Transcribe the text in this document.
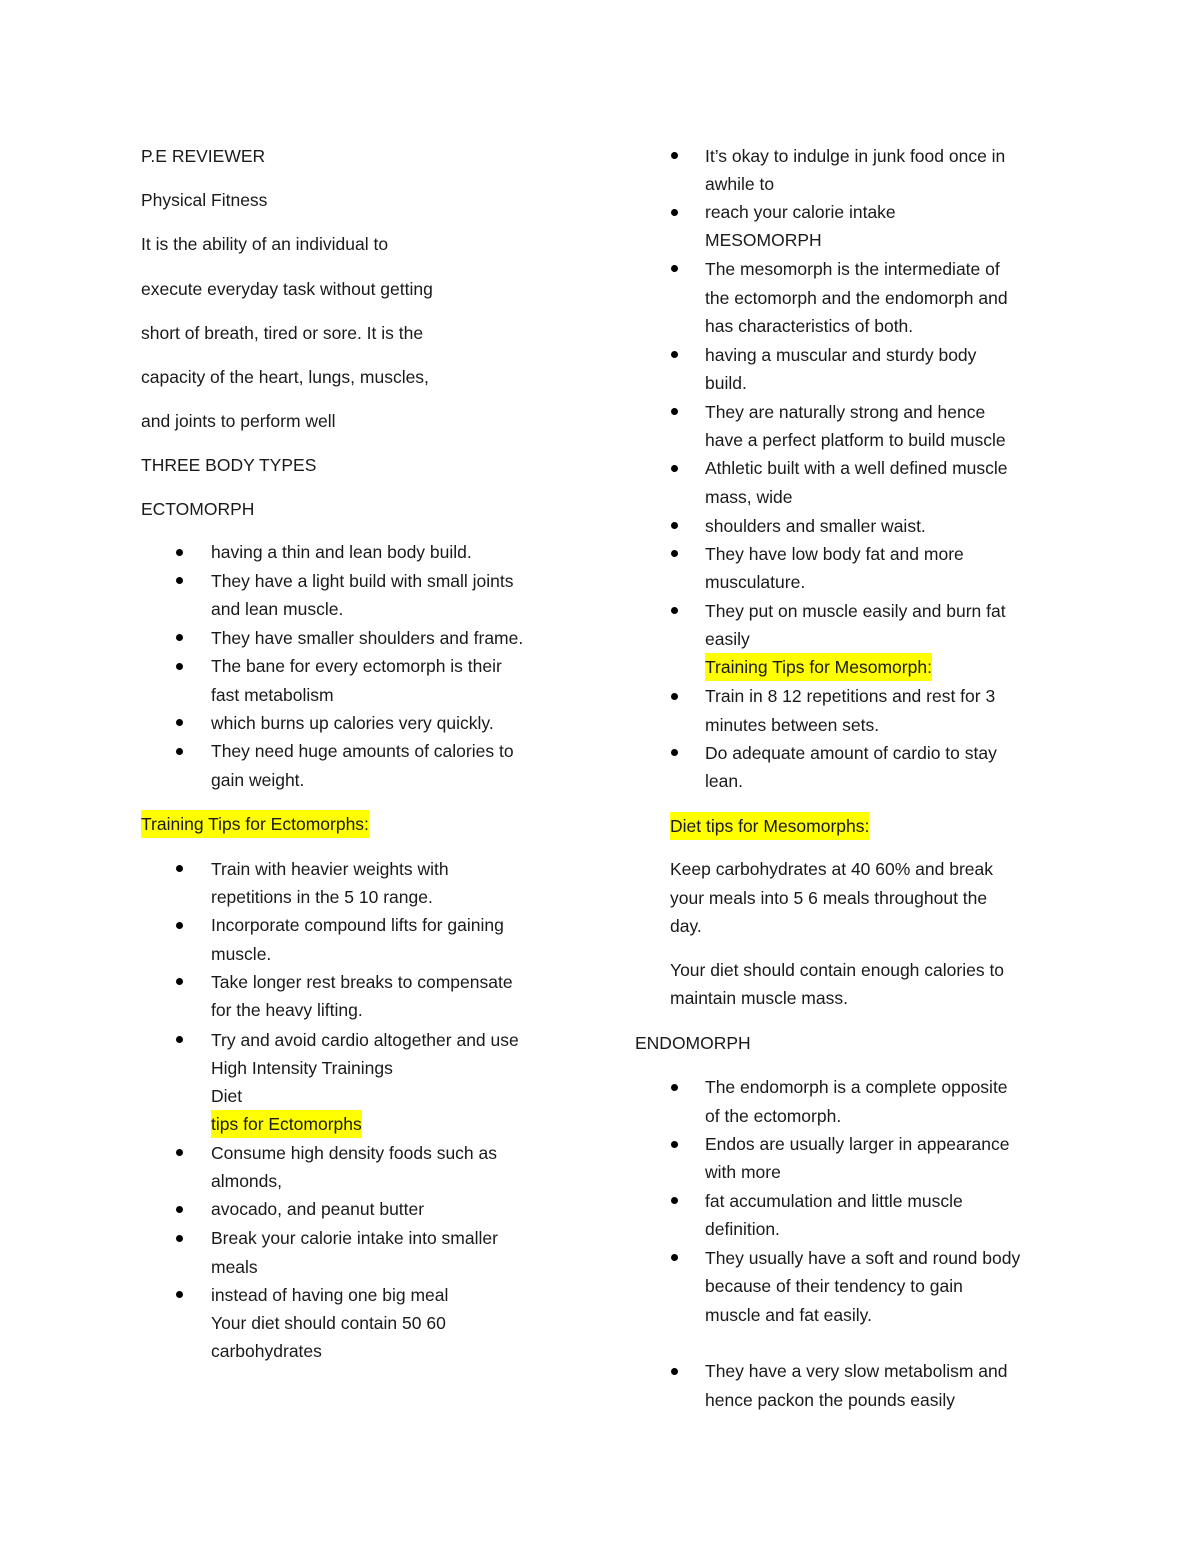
P.E REVIEWER
Physical Fitness
It is the ability of an individual to
execute everyday task without getting
short of breath, tired or sore. It is the
capacity of the heart, lungs, muscles,
and joints to perform well
THREE BODY TYPES
ECTOMORPH
having a thin and lean body build.
They have a light build with small joints
and lean muscle.
They have smaller shoulders and frame.
The bane for every ectomorph is their
fast metabolism
which burns up calories very quickly.
They need huge amounts of calories to
gain weight.
Training Tips for Ectomorphs:
Train with heavier weights with
repetitions in the 5 10 range.
Incorporate compound lifts for gaining
muscle.
Take longer rest breaks to compensate
for the heavy lifting.
Try and avoid cardio altogether and use
High Intensity Trainings
Diet
tips for Ectomorphs
Consume high density foods such as
almonds,
avocado, and peanut butter
Break your calorie intake into smaller
meals
instead of having one big meal
Your diet should contain 50 60
carbohydrates
It’s okay to indulge in junk food once in
awhile to
reach your calorie intake
MESOMORPH
The mesomorph is the intermediate of
the ectomorph and the endomorph and
has characteristics of both.
having a muscular and sturdy body
build.
They are naturally strong and hence
have a perfect platform to build muscle
Athletic built with a well defined muscle
mass, wide
shoulders and smaller waist.
They have low body fat and more
musculature.
They put on muscle easily and burn fat
easily
Training Tips for Mesomorph:
Train in 8 12 repetitions and rest for 3
minutes between sets.
Do adequate amount of cardio to stay
lean.
Diet tips for Mesomorphs:
Keep carbohydrates at 40 60% and break
your meals into 5 6 meals throughout the
day.
Your diet should contain enough calories to
maintain muscle mass.
ENDOMORPH
The endomorph is a complete opposite
of the ectomorph.
Endos are usually larger in appearance
with more
fat accumulation and little muscle
definition.
They usually have a soft and round body
because of their tendency to gain
muscle and fat easily.
They have a very slow metabolism and
hence packon the pounds easily
